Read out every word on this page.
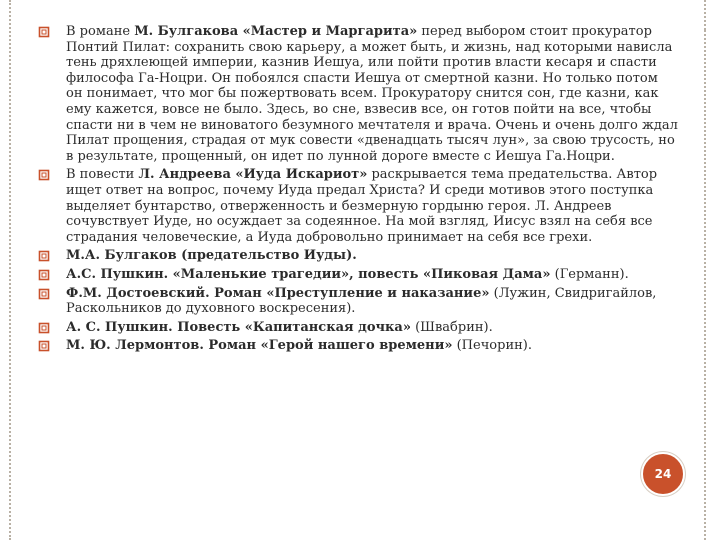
В романе М. Булгакова «Мастер и Маргарита» перед выбором стоит прокуратор Понтий Пилат: сохранить свою карьеру, а может быть, и жизнь, над которыми нависла тень дряхлеющей империи, казнив Иешуа, или пойти против власти кесаря и спасти философа Га-Ноцри. Он побоялся спасти Иешуа от смертной казни. Но только потом он понимает, что мог бы пожертвовать всем. Прокуратору снится сон, где казни, как ему кажется, вовсе не было. Здесь, во сне, взвесив все, он готов пойти на все, чтобы спасти ни в чем не виноватого безумного мечтателя и врача. Очень и очень долго ждал Пилат прощения, страдая от мук совести «двенадцать тысяч лун», за свою трусость, но в результате, прощенный, он идет по лунной дороге вместе с Иешуа Га.Ноцри.
В повести Л. Андреева «Иуда Искариот» раскрывается тема предательства. Автор ищет ответ на вопрос, почему Иуда предал Христа? И среди мотивов этого поступка выделяет бунтарство, отверженность и безмерную гордыню героя. Л. Андреев сочувствует Иуде, но осуждает за содеянное. На мой взгляд, Иисус взял на себя все страдания человеческие, а Иуда добровольно принимает на себя все грехи.
М.А. Булгаков (предательство Иуды).
А.С. Пушкин. «Маленькие трагедии», повесть «Пиковая Дама» (Германн).
Ф.М. Достоевский. Роман «Преступление и наказание» (Лужин, Свидригайлов, Раскольников до духовного воскресения).
А. С. Пушкин. Повесть «Капитанская дочка» (Швабрин).
М. Ю. Лермонтов. Роман «Герой нашего времени» (Печорин).
24
